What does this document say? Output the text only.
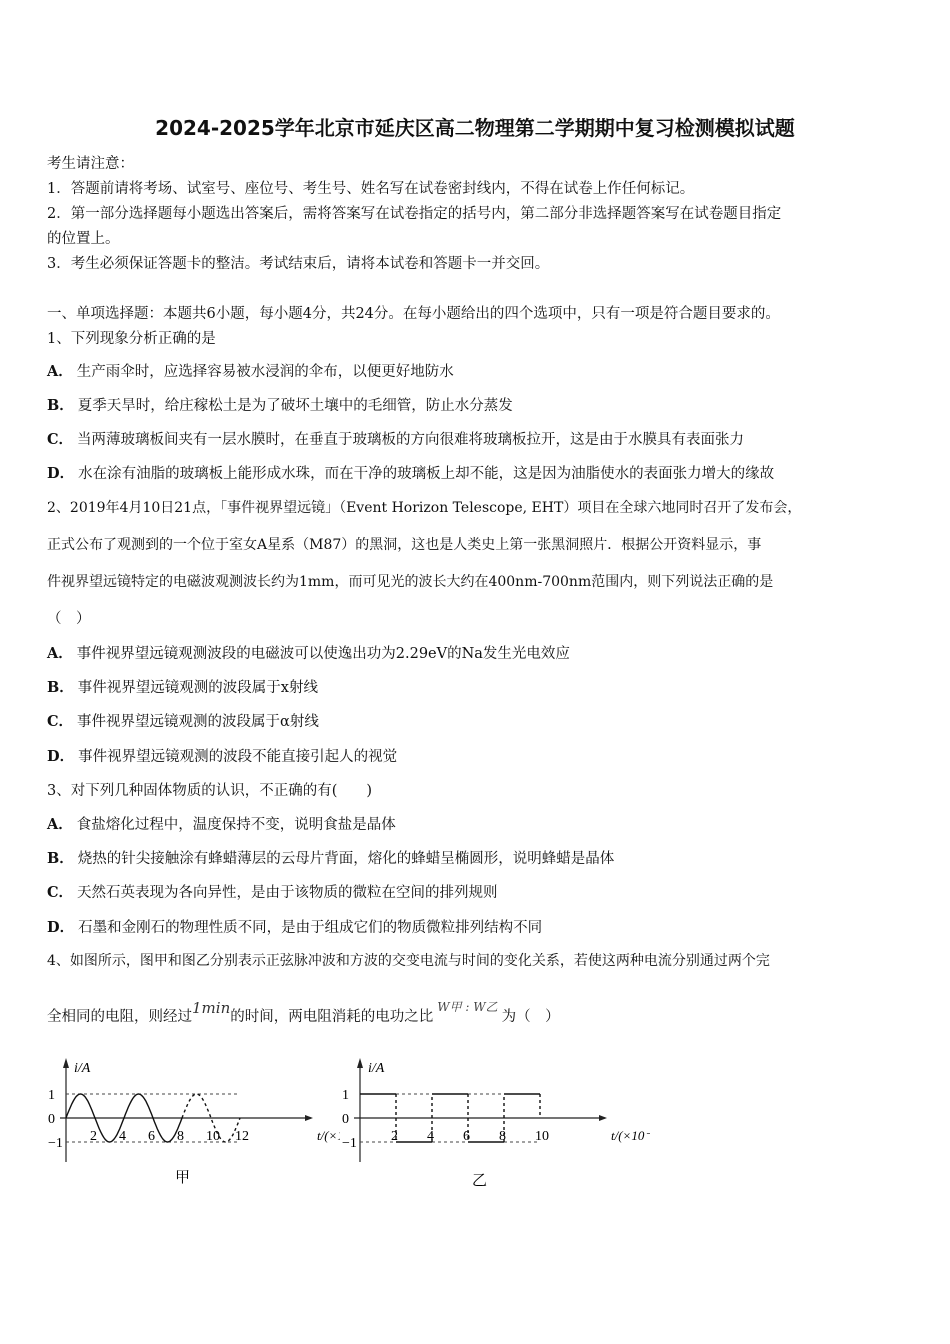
2024-2025学年北京市延庆区高二物理第二学期期中复习检测模拟试题
考生请注意：
1．答题前请将考场、试室号、座位号、考生号、姓名写在试卷密封线内，不得在试卷上作任何标记。
2．第一部分选择题每小题选出答案后，需将答案写在试卷指定的括号内，第二部分非选择题答案写在试卷题目指定
的位置上。
3．考生必须保证答题卡的整洁。考试结束后，请将本试卷和答题卡一并交回。
一、单项选择题：本题共6小题，每小题4分，共24分。在每小题给出的四个选项中，只有一项是符合题目要求的。
1、下列现象分析正确的是
A． 生产雨伞时，应选择容易被水浸润的伞布，以便更好地防水
B． 夏季天旱时，给庄稼松土是为了破坏土壤中的毛细管，防止水分蒸发
C． 当两薄玻璃板间夹有一层水膜时，在垂直于玻璃板的方向很难将玻璃板拉开，这是由于水膜具有表面张力
D． 水在涂有油脂的玻璃板上能形成水珠，而在干净的玻璃板上却不能，这是因为油脂使水的表面张力增大的缘故
2、2019年4月10日21点，「事件视界望远镜」（Event Horizon Telescope, EHT）项目在全球六地同时召开了发布会，
正式公布了观测到的一个位于室女A星系（M87）的黑洞，这也是人类史上第一张黑洞照片．根据公开资料显示，事
件视界望远镜特定的电磁波观测波长约为1mm，而可见光的波长大约在400nm-700nm范围内，则下列说法正确的是
（　）
A． 事件视界望远镜观测波段的电磁波可以使逸出功为2.29eV的Na发生光电效应
B． 事件视界望远镜观测的波段属于x射线
C． 事件视界望远镜观测的波段属于α射线
D． 事件视界望远镜观测的波段不能直接引起人的视觉
3、对下列几种固体物质的认识，不正确的有(　　)
A． 食盐熔化过程中，温度保持不变，说明食盐是晶体
B． 烧热的针尖接触涂有蜂蜡薄层的云母片背面，熔化的蜂蜡呈椭圆形，说明蜂蜡是晶体
C． 天然石英表现为各向异性，是由于该物质的微粒在空间的排列规则
D． 石墨和金刚石的物理性质不同，是由于组成它们的物质微粒排列结构不同
4、如图所示，图甲和图乙分别表示正弦脉冲波和方波的交变电流与时间的变化关系，若使这两种电流分别通过两个完
全相同的电阻，则经过1min的时间，两电阻消耗的电功之比$^{W甲 : W乙}$为（　）
i/A
t/(×
1
0
−1 2 4 6 8 10 12
甲
i/A
t/(×10
1
0
−1 2 4 6 8 10
乙
